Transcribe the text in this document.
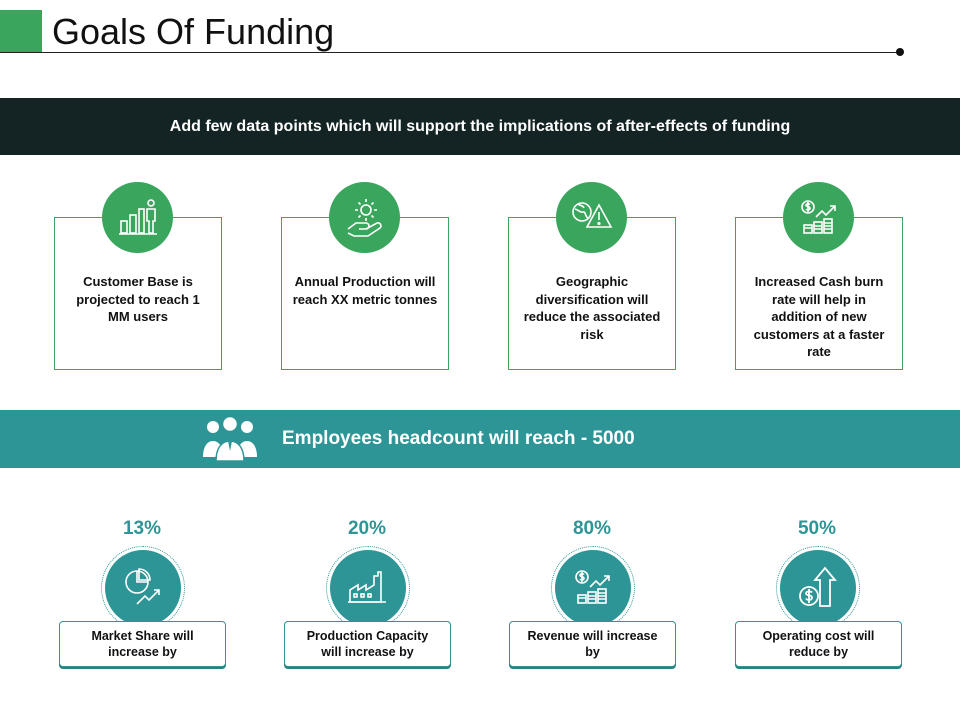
Goals Of Funding
Add few data points which will support the implications of after-effects of funding
Customer Base is projected to reach 1 MM users
Annual Production will reach XX metric tonnes
Geographic diversification will reduce the associated risk
Increased Cash burn rate will help in addition of new customers at a faster rate
Employees headcount will reach - 5000
13%
Market Share will increase by
20%
Production Capacity will increase by
80%
Revenue will increase by
50%
Operating cost will reduce by
